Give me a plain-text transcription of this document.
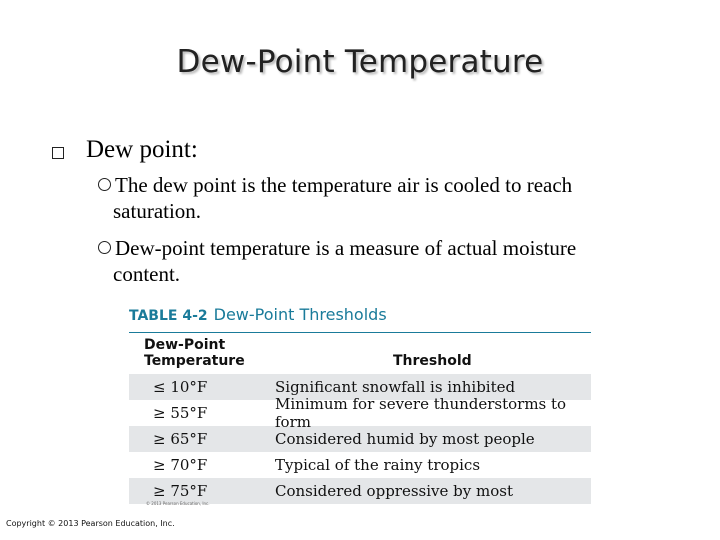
Dew-Point Temperature
Dew point:
The dew point is the temperature air is cooled to reach
saturation.
Dew-point temperature is a measure of actual moisture
content.
TABLE 4-2 Dew-Point Thresholds
Dew-Point
Temperature	Threshold
≤ 10°F	Significant snowfall is inhibited
≥ 55°F	Minimum for severe thunderstorms to form
≥ 65°F	Considered humid by most people
≥ 70°F	Typical of the rainy tropics
≥ 75°F	Considered oppressive by most
© 2013 Pearson Education, Inc.
Copyright © 2013 Pearson Education, Inc.
